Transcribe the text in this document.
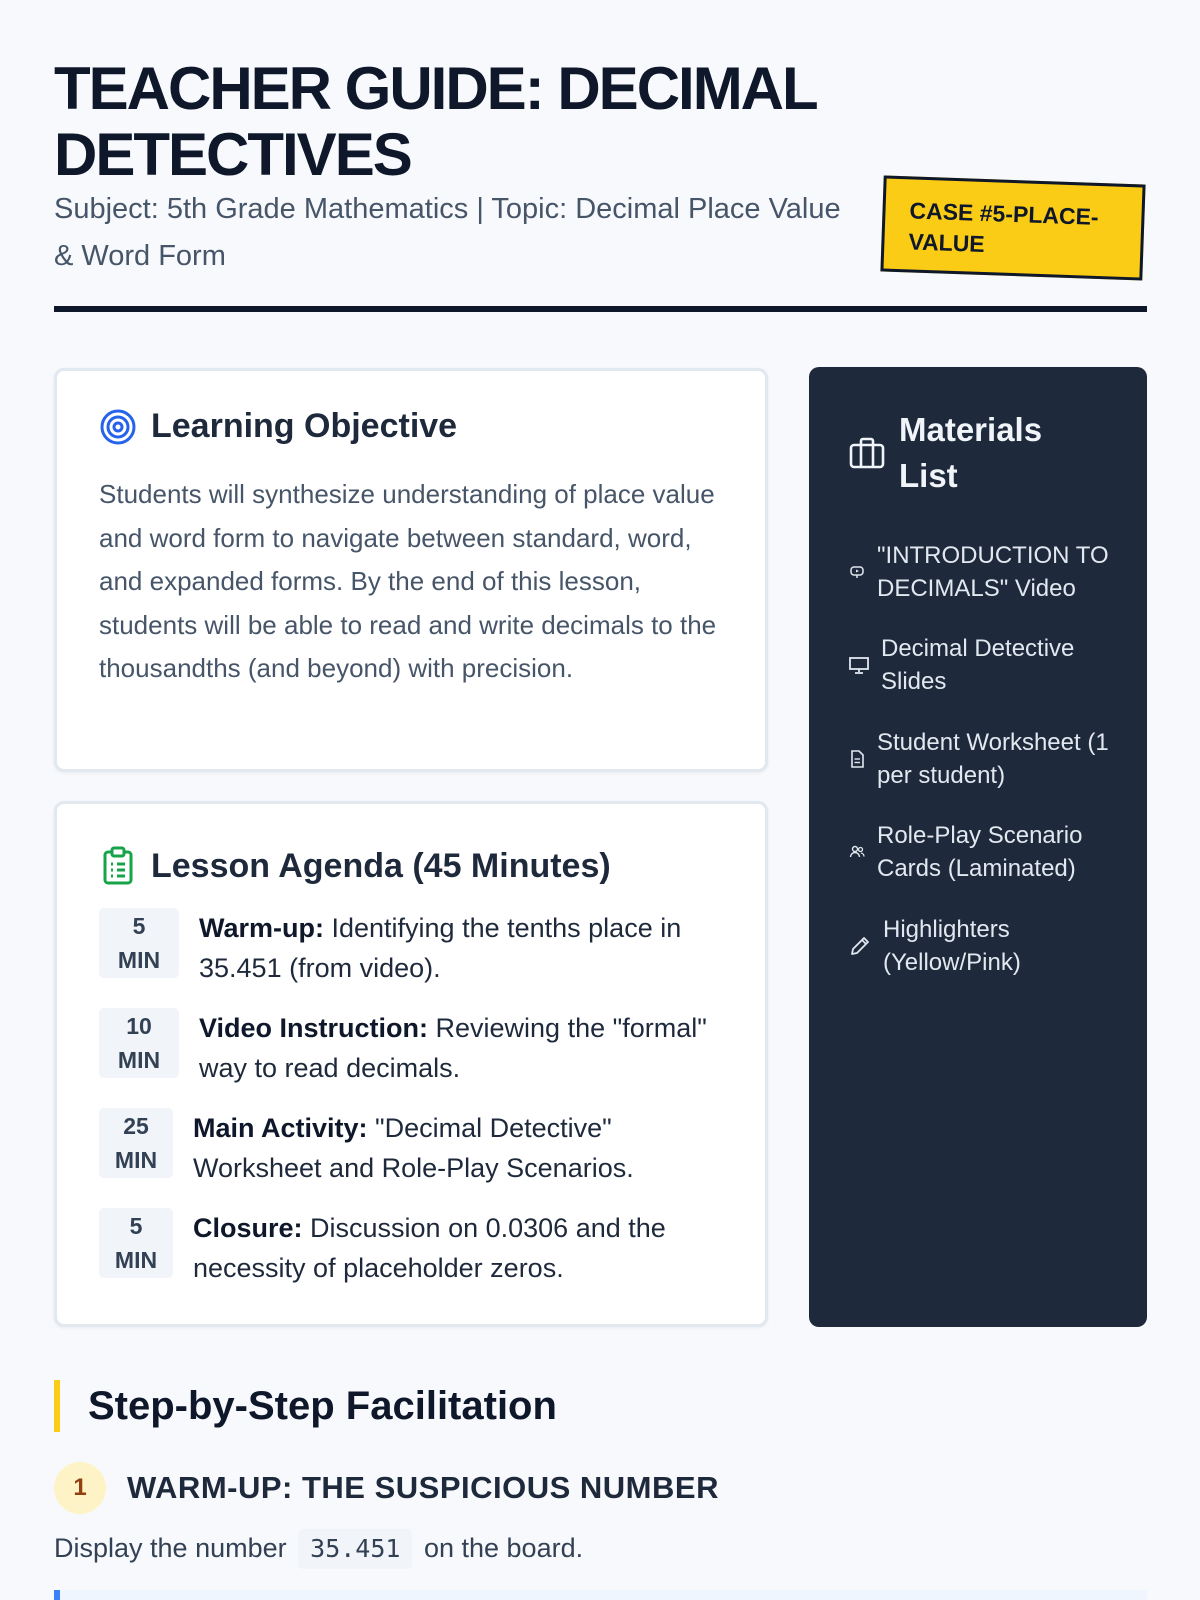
TEACHER GUIDE: DECIMAL DETECTIVES
Subject: 5th Grade Mathematics | Topic: Decimal Place Value & Word Form
CASE #5-PLACE-VALUE
Learning Objective

Students will synthesize understanding of place value and word form to navigate between standard, word, and expanded forms. By the end of this lesson, students will be able to read and write decimals to the thousandths (and beyond) with precision.

Lesson Agenda (45 Minutes)
5
MIN
Warm-up: Identifying the tenths place in 35.451 (from video).
10
MIN
Video Instruction: Reviewing the "formal" way to read decimals.
25
MIN
Main Activity: "Decimal Detective" Worksheet and Role-Play Scenarios.
5
MIN
Closure: Discussion on 0.0306 and the necessity of placeholder zeros.
Materials List
"INTRODUCTION TO DECIMALS" Video
Decimal Detective Slides
Student Worksheet (1 per student)
Role-Play Scenario Cards (Laminated)
Highlighters (Yellow/Pink)
Step-by-Step Facilitation
1	WARM-UP: THE SUSPICIOUS NUMBER

Display the number 35.451 on the board.
